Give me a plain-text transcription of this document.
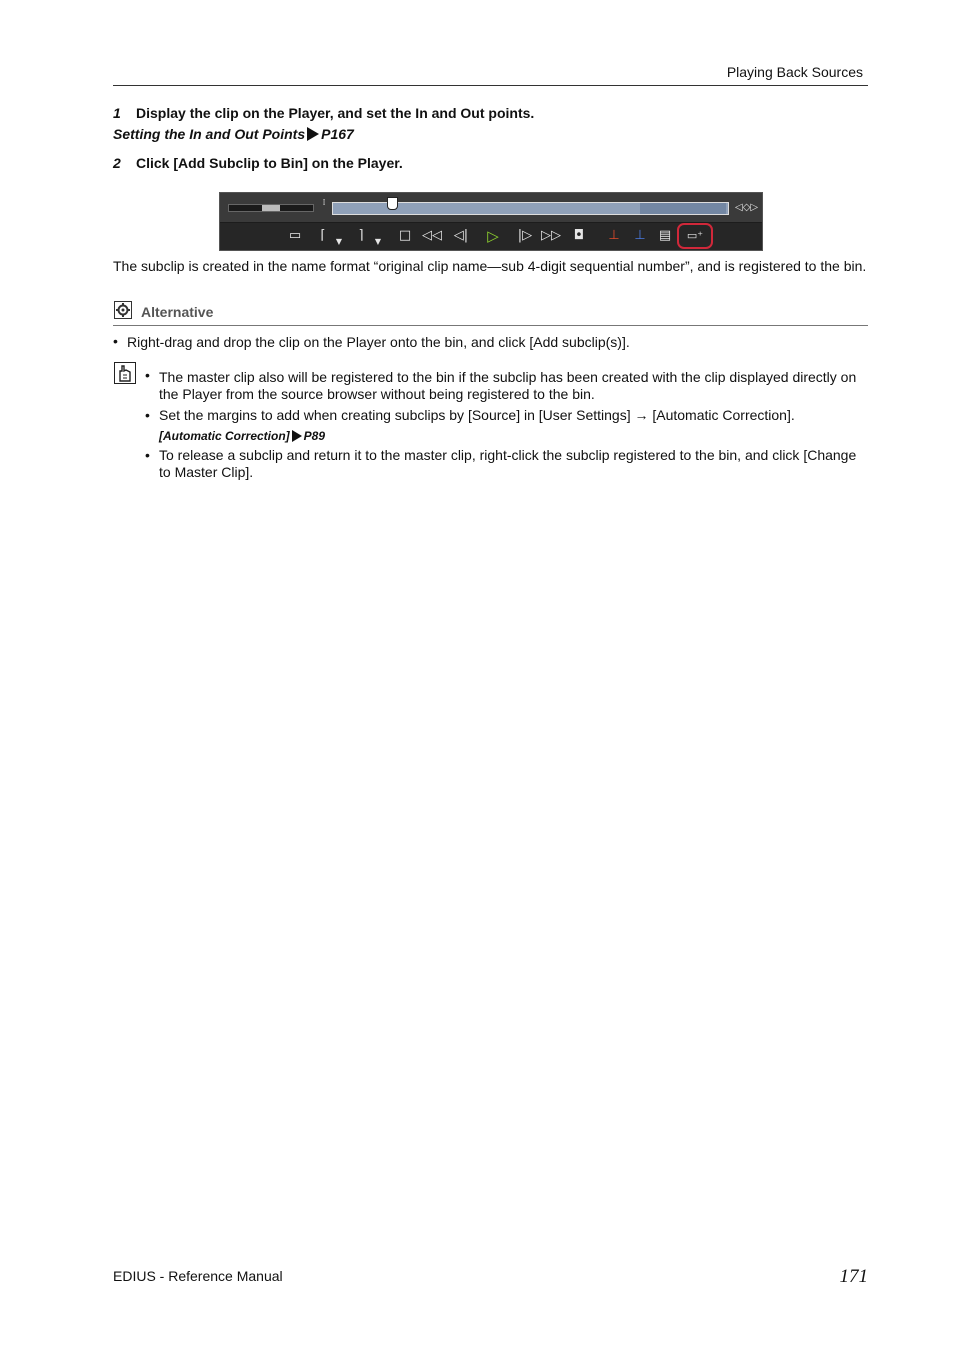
Playing Back Sources
1 Display the clip on the Player, and set the In and Out points.
Setting the In and Out Points P167
2 Click [Add Subclip to Bin] on the Player.
⁞	◁◇▷
▭	⌈	▼	⌉	▼ □ ◁◁ ◁| ▷ |▷ ▷▷ ◘ ⊥ ⊥ ▤	▭⁺
The subclip is created in the name format “original clip name—sub 4-digit sequential number”, and is registered to the bin.
Alternative
• Right-drag and drop the clip on the Player onto the bin, and click [Add subclip(s)].
• The master clip also will be registered to the bin if the subclip has been created with the clip displayed directly on the Player from the source browser without being registered to the bin.
• Set the margins to add when creating subclips by [Source] in [User Settings] → [Automatic Correction].
[Automatic Correction] P89
• To release a subclip and return it to the master clip, right-click the subclip registered to the bin, and click [Change to Master Clip].
EDIUS - Reference Manual	171
